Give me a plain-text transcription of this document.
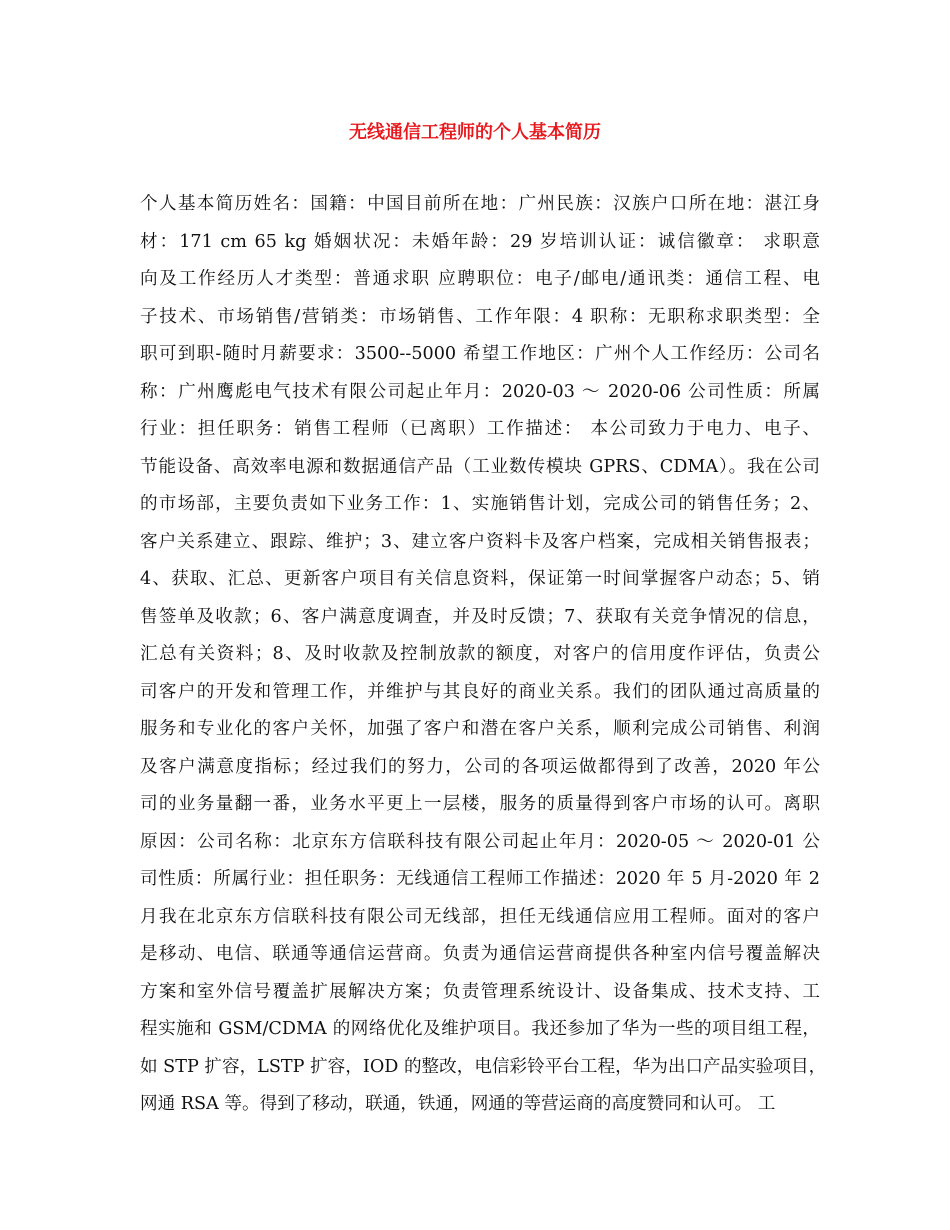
无线通信工程师的个人基本简历
个人基本简历姓名：国籍：中国目前所在地：广州民族：汉族户口所在地：湛江身
材：171 cm 65 kg 婚姻状况：未婚年龄：29 岁培训认证：诚信徽章： 求职意
向及工作经历人才类型：普通求职 应聘职位：电子/邮电/通讯类：通信工程、电
子技术、市场销售/营销类：市场销售、工作年限：4 职称：无职称求职类型：全
职可到职-随时月薪要求：3500--5000 希望工作地区：广州个人工作经历：公司名
称：广州鹰彪电气技术有限公司起止年月：2020-03 ～ 2020-06 公司性质：所属
行业：担任职务：销售工程师（已离职）工作描述： 本公司致力于电力、电子、
节能设备、高效率电源和数据通信产品（工业数传模块 GPRS、CDMA）。我在公司
的市场部，主要负责如下业务工作：1、实施销售计划，完成公司的销售任务；2、
客户关系建立、跟踪、维护；3、建立客户资料卡及客户档案，完成相关销售报表；
4、获取、汇总、更新客户项目有关信息资料，保证第一时间掌握客户动态；5、销
售签单及收款；6、客户满意度调查，并及时反馈；7、获取有关竞争情况的信息，
汇总有关资料；8、及时收款及控制放款的额度，对客户的信用度作评估，负责公
司客户的开发和管理工作，并维护与其良好的商业关系。我们的团队通过高质量的
服务和专业化的客户关怀，加强了客户和潜在客户关系，顺利完成公司销售、利润
及客户满意度指标；经过我们的努力，公司的各项运做都得到了改善，2020 年公
司的业务量翻一番，业务水平更上一层楼，服务的质量得到客户市场的认可。离职
原因：公司名称：北京东方信联科技有限公司起止年月：2020-05 ～ 2020-01 公
司性质：所属行业：担任职务：无线通信工程师工作描述：2020 年 5 月-2020 年 2
月我在北京东方信联科技有限公司无线部，担任无线通信应用工程师。面对的客户
是移动、电信、联通等通信运营商。负责为通信运营商提供各种室内信号覆盖解决
方案和室外信号覆盖扩展解决方案；负责管理系统设计、设备集成、技术支持、工
程实施和 GSM/CDMA 的网络优化及维护项目。我还参加了华为一些的项目组工程，
如 STP 扩容，LSTP 扩容，IOD 的整改，电信彩铃平台工程，华为出口产品实验项目，
网通 RSA 等。得到了移动，联通，铁通，网通的等营运商的高度赞同和认可。 工
